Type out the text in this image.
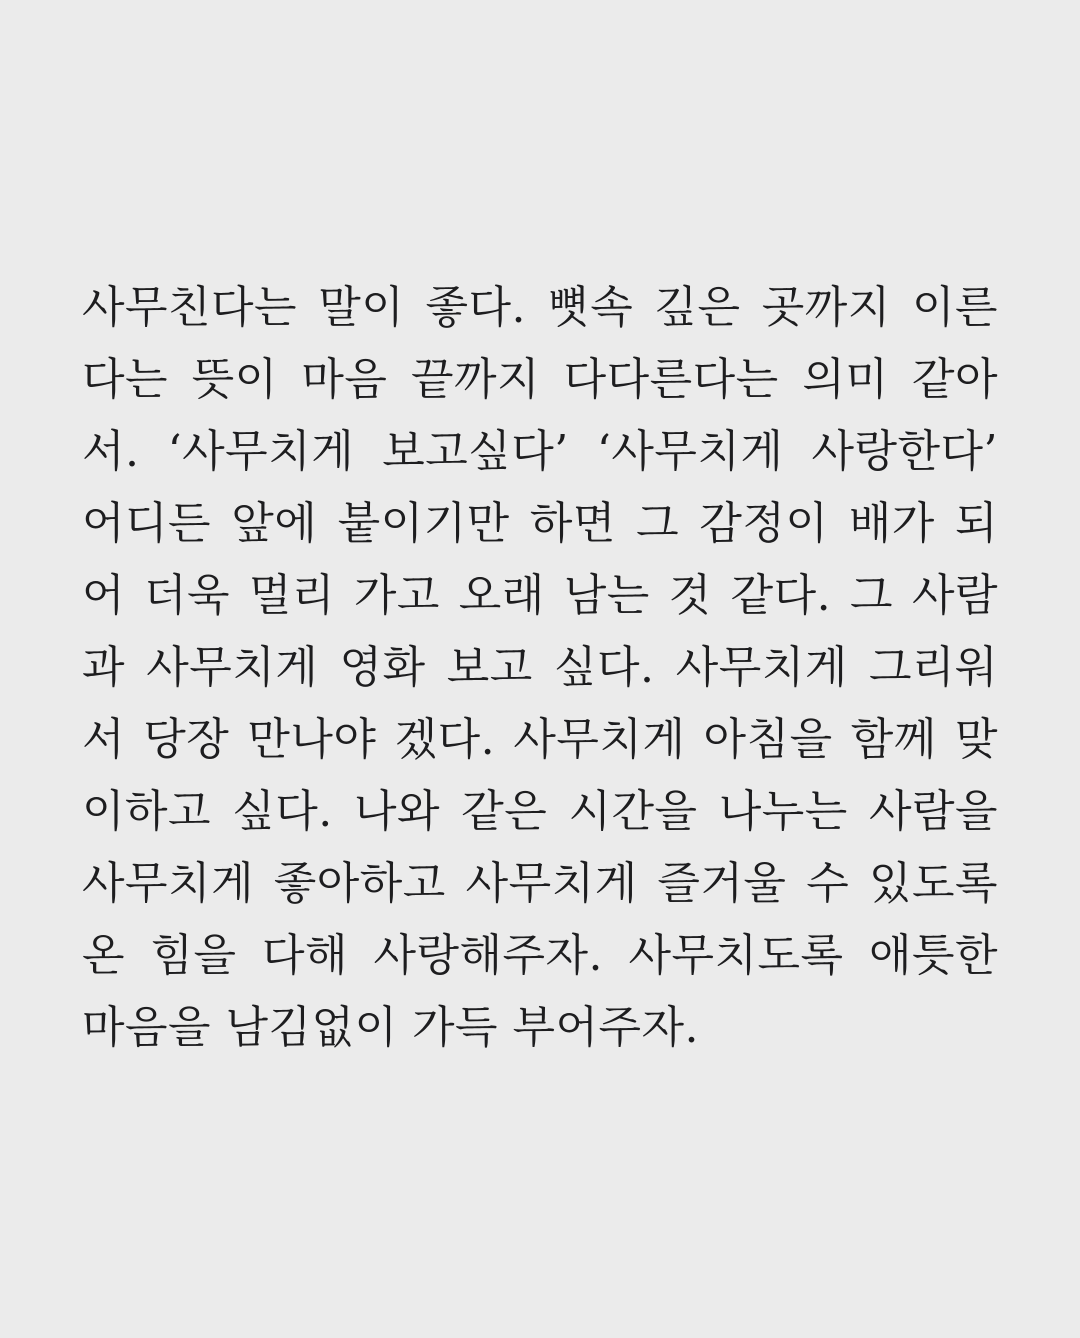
사무친다는 말이 좋다. 뼛속 깊은 곳까지 이른다는 뜻이 마음 끝까지 다다른다는 의미 같아서. ‘사무치게 보고싶다’ ‘사무치게 사랑한다’ 어디든 앞에 붙이기만 하면 그 감정이 배가 되어 더욱 멀리 가고 오래 남는 것 같다. 그 사람과 사무치게 영화 보고 싶다. 사무치게 그리워서 당장 만나야 겠다. 사무치게 아침을 함께 맞이하고 싶다. 나와 같은 시간을 나누는 사람을 사무치게 좋아하고 사무치게 즐거울 수 있도록 온 힘을 다해 사랑해주자. 사무치도록 애틋한 마음을 남김없이 가득 부어주자.
